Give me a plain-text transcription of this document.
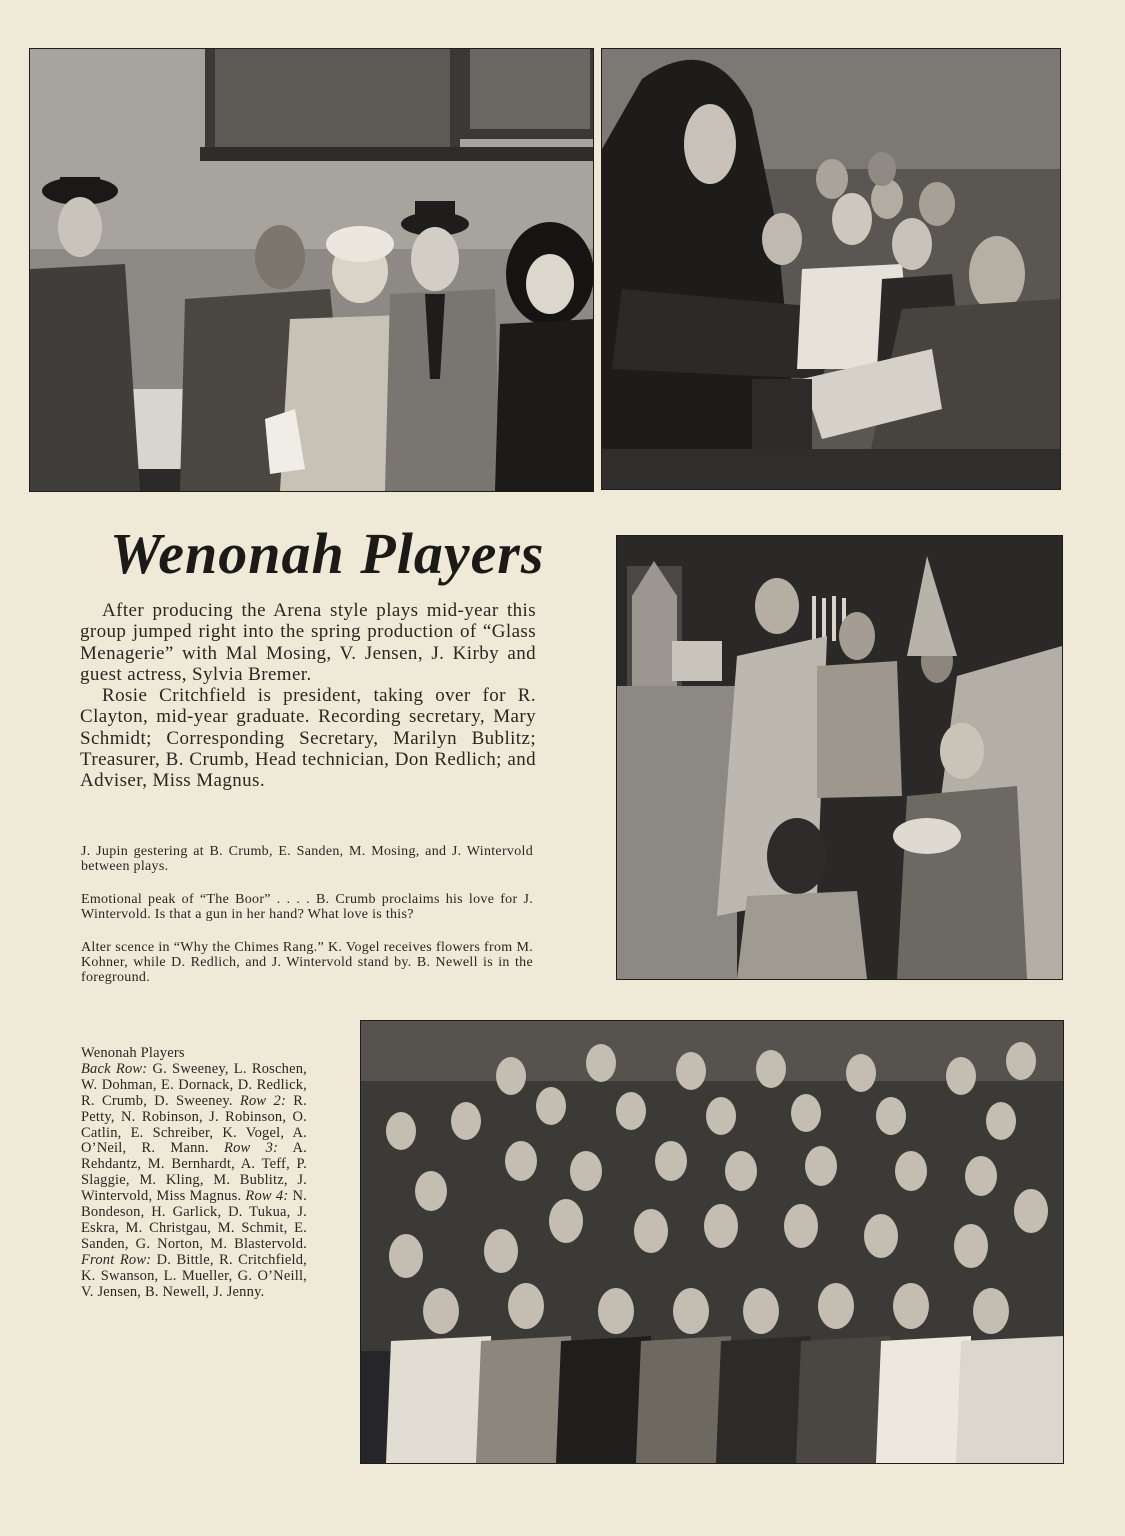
Wenonah Players

After producing the Arena style plays mid-year this group jumped right into the spring production of “Glass Menagerie” with Mal Mosing, V. Jensen, J. Kirby and guest actress, Sylvia Bremer.

Rosie Critchfield is president, taking over for R. Clayton, mid-year graduate. Recording secretary, Mary Schmidt; Corresponding Secretary, Marilyn Bublitz; Treasurer, B. Crumb, Head technician, Don Redlich; and Adviser, Miss Magnus.

J. Jupin gestering at B. Crumb, E. Sanden, M. Mosing, and J. Wintervold between plays.

Emotional peak of “The Boor” . . . . B. Crumb proclaims his love for J. Wintervold. Is that a gun in her hand? What love is this?

Alter scence in “Why the Chimes Rang.” K. Vogel receives flowers from M. Kohner, while D. Redlich, and J. Wintervold stand by. B. Newell is in the foreground.

Wenonah Players
Back Row: G. Sweeney, L. Roschen, W. Dohman, E. Dornack, D. Redlick, R. Crumb, D. Sweeney. Row 2: R. Petty, N. Robinson, J. Robinson, O. Catlin, E. Schreiber, K. Vogel, A. O’Neil, R. Mann. Row 3: A. Rehdantz, M. Bernhardt, A. Teff, P. Slaggie, M. Kling, M. Bublitz, J. Wintervold, Miss Magnus. Row 4: N. Bondeson, H. Garlick, D. Tukua, J. Eskra, M. Christgau, M. Schmit, E. Sanden, G. Norton, M. Blastervold. Front Row: D. Bittle, R. Critchfield, K. Swanson, L. Mueller, G. O’Neill, V. Jensen, B. Newell, J. Jenny.
